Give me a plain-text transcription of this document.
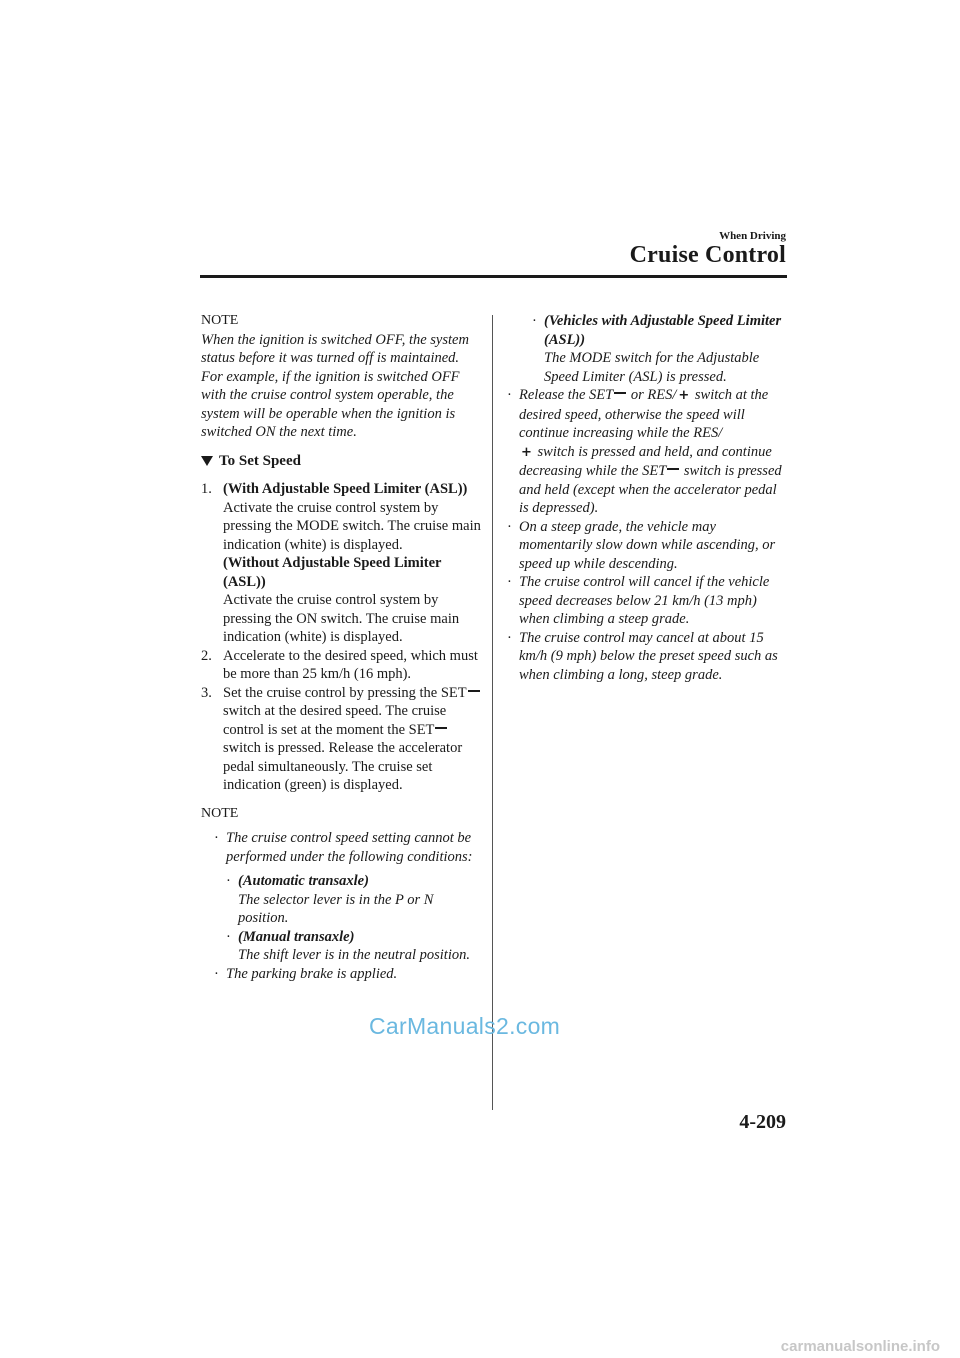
When Driving
Cruise Control
NOTE
When the ignition is switched OFF, the system status before it was turned off is maintained. For example, if the ignition is switched OFF with the cruise control system operable, the system will be operable when the ignition is switched ON the next time.
To Set Speed
1. (With Adjustable Speed Limiter (ASL))
Activate the cruise control system by pressing the MODE switch. The cruise main indication (white) is displayed.
(Without Adjustable Speed Limiter (ASL))
Activate the cruise control system by pressing the ON switch. The cruise main indication (white) is displayed.
2. Accelerate to the desired speed, which must be more than 25 km/h (16 mph).
3. Set the cruise control by pressing the SET switch at the desired speed. The cruise control is set at the moment the SET switch is pressed. Release the accelerator pedal simultaneously. The cruise set indication (green) is displayed.
NOTE
· The cruise control speed setting cannot be performed under the following conditions:
· (Automatic transaxle)
The selector lever is in the P or N position.
· (Manual transaxle)
The shift lever is in the neutral position.
· The parking brake is applied.
· (Vehicles with Adjustable Speed Limiter (ASL))
The MODE switch for the Adjustable Speed Limiter (ASL) is pressed.
· Release the SET or RES/ + switch at the desired speed, otherwise the speed will continue increasing while the RES/
+ switch is pressed and held, and continue decreasing while the SET switch is pressed and held (except when the accelerator pedal is depressed).
· On a steep grade, the vehicle may momentarily slow down while ascending, or speed up while descending.
· The cruise control will cancel if the vehicle speed decreases below 21 km/h (13 mph) when climbing a steep grade.
· The cruise control may cancel at about 15 km/h (9 mph) below the preset speed such as when climbing a long, steep grade.
4-209
CarManuals2.com
carmanualsonline.info
